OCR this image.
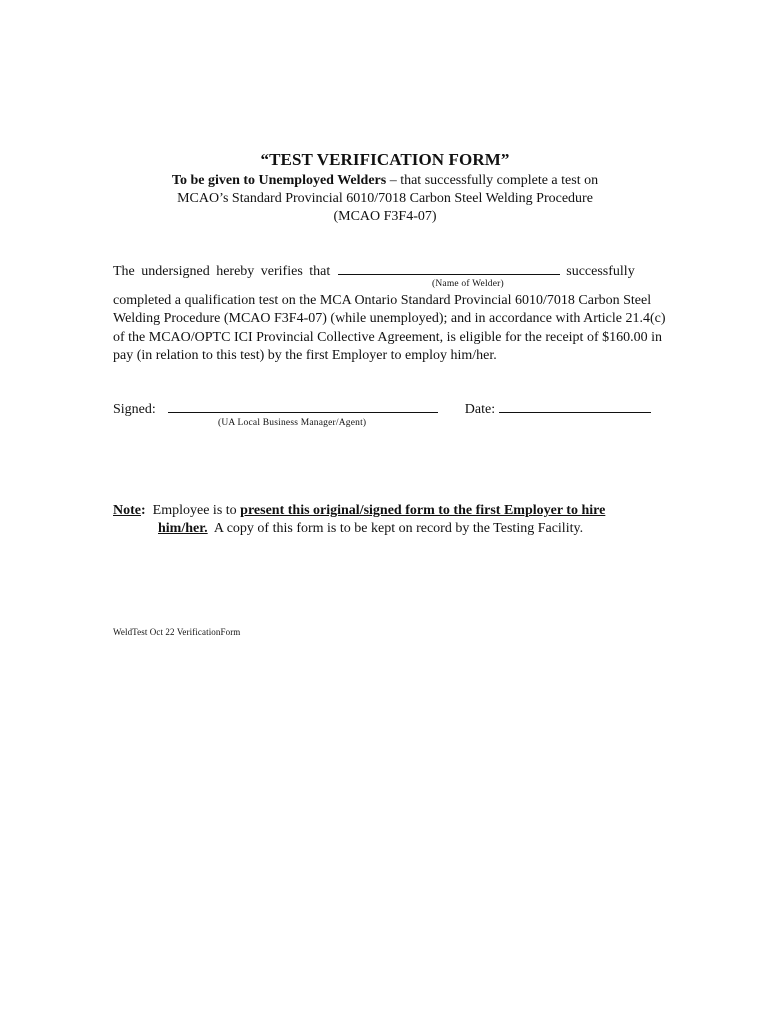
“TEST VERIFICATION FORM”
To be given to Unemployed Welders – that successfully complete a test on
MCAO’s Standard Provincial 6010/7018 Carbon Steel Welding Procedure
(MCAO F3F4-07)
The undersigned hereby verifies that	successfully
(Name of Welder)
completed a qualification test on the MCA Ontario Standard Provincial 6010/7018 Carbon Steel Welding Procedure (MCAO F3F4-07) (while unemployed); and in accordance with Article 21.4(c) of the MCAO/OPTC ICI Provincial Collective Agreement, is eligible for the receipt of $160.00 in pay (in relation to this test) by the first Employer to employ him/her.
Signed:	Date:
(UA Local Business Manager/Agent)
Note:  Employee is to present this original/signed form to the first Employer to hire
him/her.  A copy of this form is to be kept on record by the Testing Facility.
WeldTest Oct 22 VerificationForm
